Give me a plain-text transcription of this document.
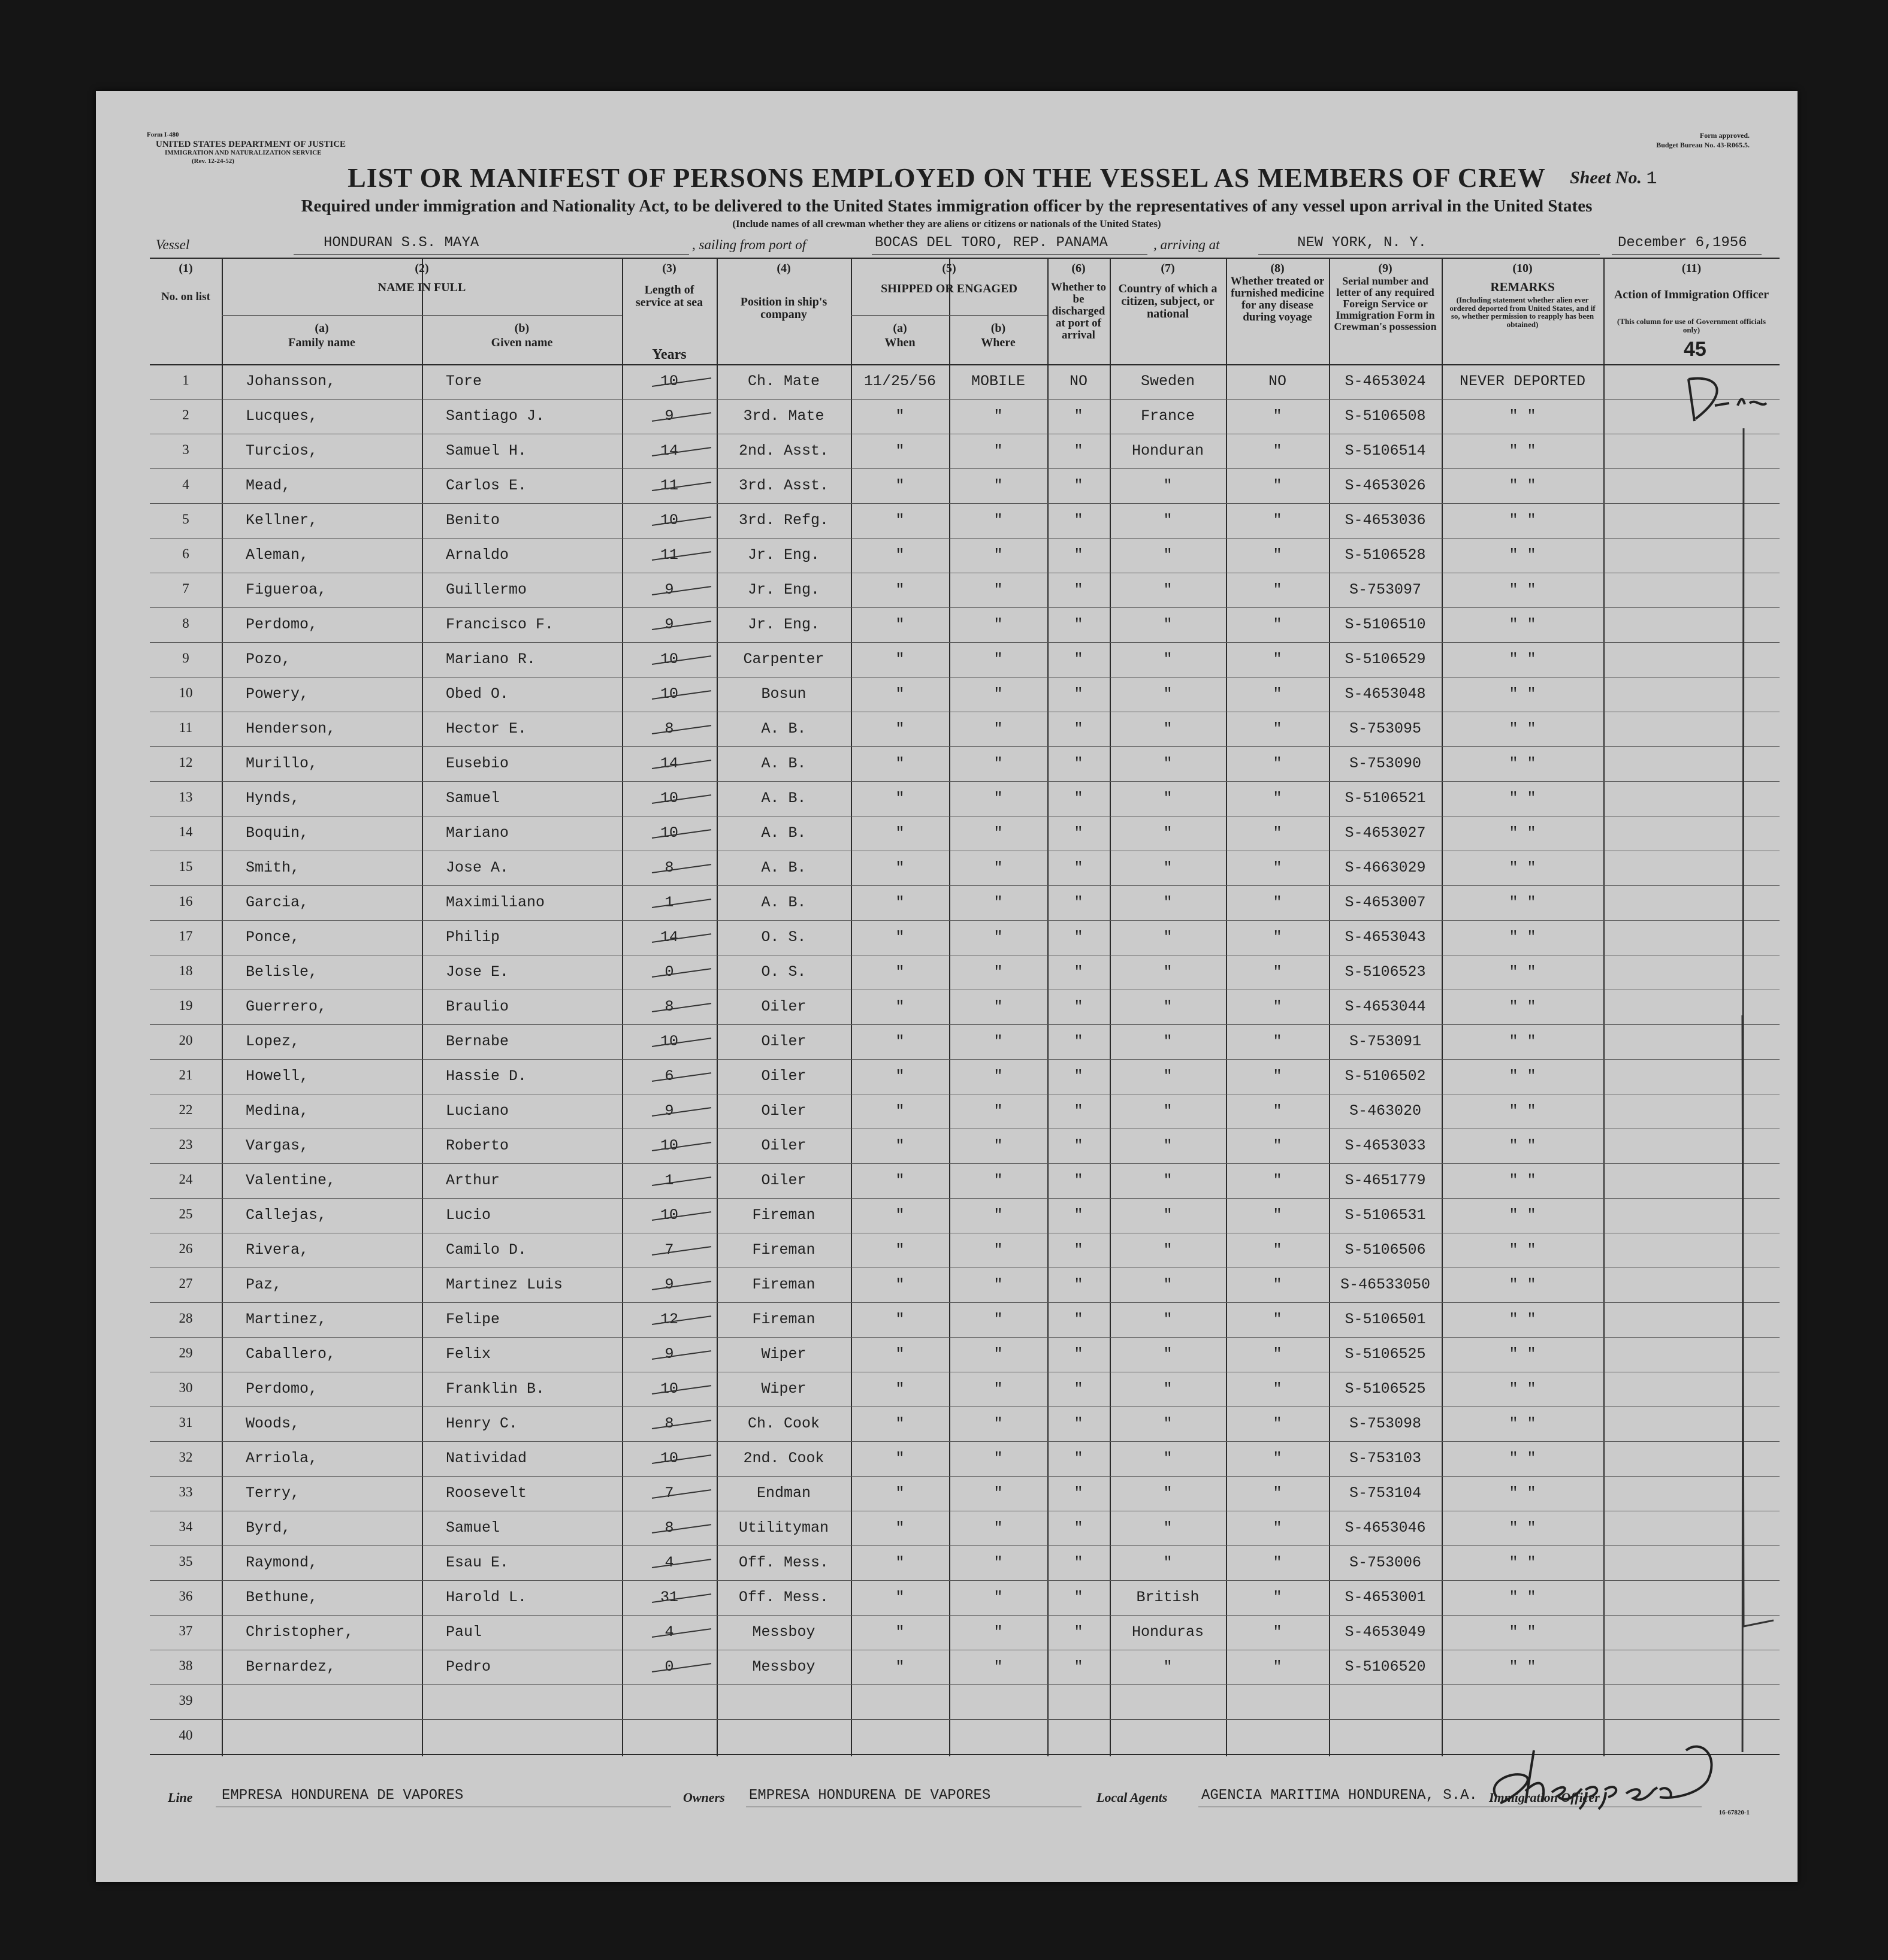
Form I-480
UNITED STATES DEPARTMENT OF JUSTICE
IMMIGRATION AND NATURALIZATION SERVICE
(Rev. 12-24-52)
Form approved.
Budget Bureau No. 43-R065.5.
LIST OR MANIFEST OF PERSONS EMPLOYED ON THE VESSEL AS MEMBERS OF CREW	Sheet No. 1
Required under immigration and Nationality Act, to be delivered to the United States immigration officer by the representatives of any vessel upon arrival in the United States
(Include names of all crewman whether they are aliens or citizens or nationals of the United States)
Vessel	HONDURAN S.S. MAYA	, sailing from port of	BOCAS DEL TORO, REP. PANAMA	, arriving at	NEW YORK, N. Y.	December 6, 1956
(1)
No. on list
(2)
NAME IN FULL
(a)
Family name
(b)
Given name
(3)
Length of service at sea
Years
(4)
Position in ship's company
(5)
SHIPPED OR ENGAGED
(a)
When
(b)
Where
(6)
Whether to be discharged at port of arrival
(7)
Country of which a citizen, subject, or national
(8)
Whether treated or furnished medicine for any disease during voyage
(9)
Serial number and letter of any required Foreign Service or Immigration Form in Crewman's possession
(10)
REMARKS
(Including statement whether alien ever ordered deported from United States, and if so, whether permission to reapply has been obtained)
(11)
Action of Immigration Officer
(This column for use of Government officials only)
45
1	Johansson,	Tore	10	Ch. Mate	11/25/56	MOBILE	NO	Sweden	NO	S-4653024	NEVER DEPORTED
2	Lucques,	Santiago J.	9	3rd. Mate	"	"	"	France	"	S-5106508	" "
3	Turcios,	Samuel H.	14	2nd. Asst.	"	"	"	Honduran	"	S-5106514	" "
4	Mead,	Carlos E.	11	3rd. Asst.	"	"	"	"	"	S-4653026	" "
5	Kellner,	Benito	10	3rd. Refg.	"	"	"	"	"	S-4653036	" "
6	Aleman,	Arnaldo	11	Jr. Eng.	"	"	"	"	"	S-5106528	" "
7	Figueroa,	Guillermo	9	Jr. Eng.	"	"	"	"	"	S-753097	" "
8	Perdomo,	Francisco F.	9	Jr. Eng.	"	"	"	"	"	S-5106510	" "
9	Pozo,	Mariano R.	10	Carpenter	"	"	"	"	"	S-5106529	" "
10	Powery,	Obed O.	10	Bosun	"	"	"	"	"	S-4653048	" "
11	Henderson,	Hector E.	8	A. B.	"	"	"	"	"	S-753095	" "
12	Murillo,	Eusebio	14	A. B.	"	"	"	"	"	S-753090	" "
13	Hynds,	Samuel	10	A. B.	"	"	"	"	"	S-5106521	" "
14	Boquin,	Mariano	10	A. B.	"	"	"	"	"	S-4653027	" "
15	Smith,	Jose A.	8	A. B.	"	"	"	"	"	S-4663029	" "
16	Garcia,	Maximiliano	1	A. B.	"	"	"	"	"	S-4653007	" "
17	Ponce,	Philip	14	O. S.	"	"	"	"	"	S-4653043	" "
18	Belisle,	Jose E.	0	O. S.	"	"	"	"	"	S-5106523	" "
19	Guerrero,	Braulio	8	Oiler	"	"	"	"	"	S-4653044	" "
20	Lopez,	Bernabe	10	Oiler	"	"	"	"	"	S-753091	" "
21	Howell,	Hassie D.	6	Oiler	"	"	"	"	"	S-5106502	" "
22	Medina,	Luciano	9	Oiler	"	"	"	"	"	S-463020	" "
23	Vargas,	Roberto	10	Oiler	"	"	"	"	"	S-4653033	" "
24	Valentine,	Arthur	1	Oiler	"	"	"	"	"	S-4651779	" "
25	Callejas,	Lucio	10	Fireman	"	"	"	"	"	S-5106531	" "
26	Rivera,	Camilo D.	7	Fireman	"	"	"	"	"	S-5106506	" "
27	Paz,	Martinez Luis	9	Fireman	"	"	"	"	"	S-46533050	" "
28	Martinez,	Felipe	12	Fireman	"	"	"	"	"	S-5106501	" "
29	Caballero,	Felix	9	Wiper	"	"	"	"	"	S-5106525	" "
30	Perdomo,	Franklin B.	10	Wiper	"	"	"	"	"	S-5106525	" "
31	Woods,	Henry C.	8	Ch. Cook	"	"	"	"	"	S-753098	" "
32	Arriola,	Natividad	10	2nd. Cook	"	"	"	"	"	S-753103	" "
33	Terry,	Roosevelt	7	Endman	"	"	"	"	"	S-753104	" "
34	Byrd,	Samuel	8	Utilityman	"	"	"	"	"	S-4653046	" "
35	Raymond,	Esau E.	4	Off. Mess.	"	"	"	"	"	S-753006	" "
36	Bethune,	Harold L.	31	Off. Mess.	"	"	"	British	"	S-4653001	" "
37	Christopher,	Paul	4	Messboy	"	"	"	Honduras	"	S-4653049	" "
38	Bernardez,	Pedro	0	Messboy	"	"	"	"	"	S-5106520	" "
39
40
Line EMPRESA HONDURENA DE VAPORES	Owners EMPRESA HONDURENA DE VAPORES	Local Agents AGENCIA MARITIMA HONDURENA, S.A. Immigration Officer
16-67820-1
